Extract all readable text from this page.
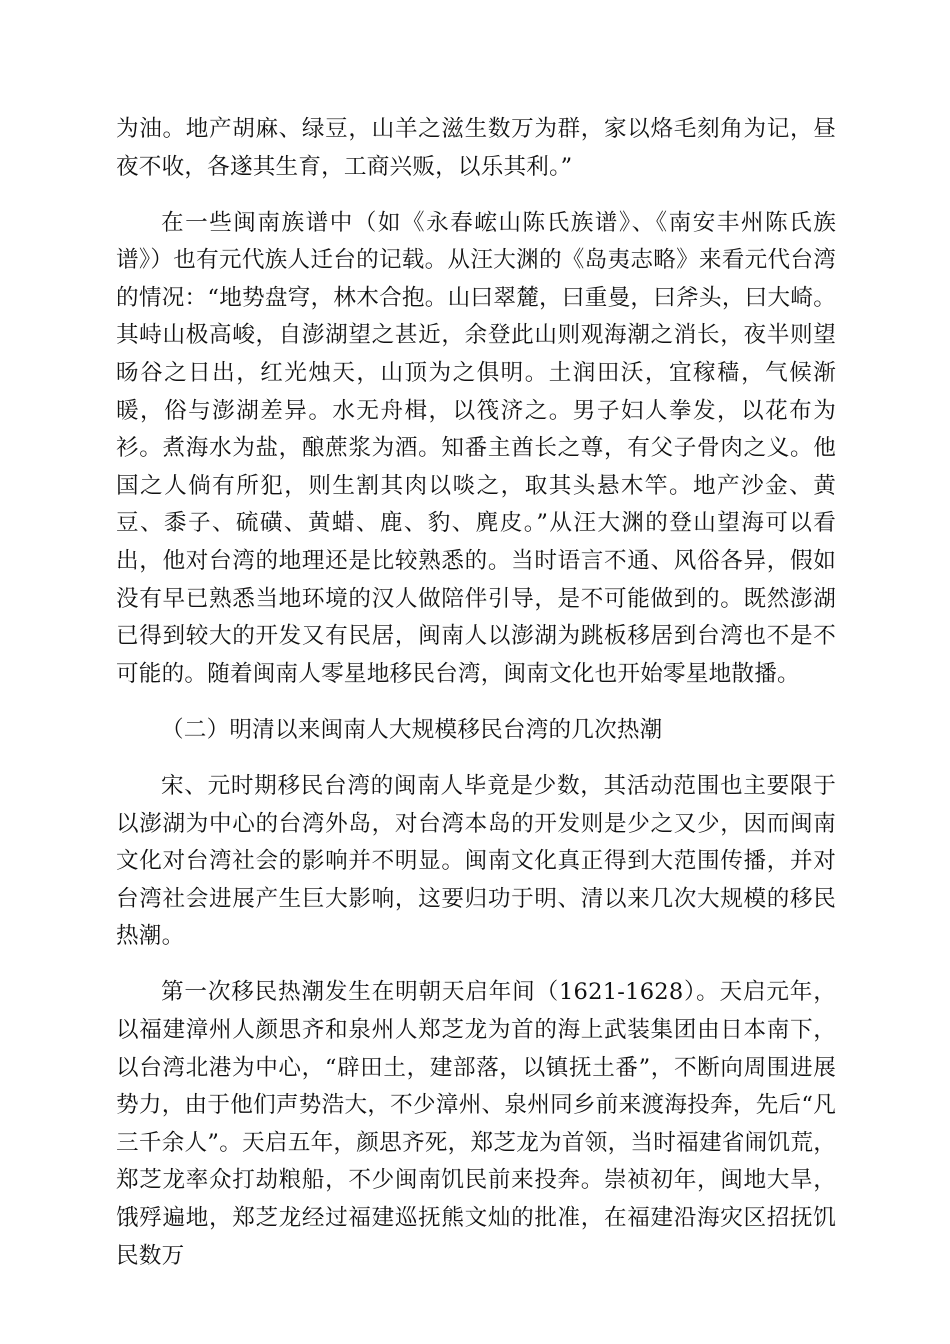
为油。地产胡麻、绿豆，山羊之滋生数万为群，家以烙毛刻角为记，昼夜不收，各遂其生育，工商兴贩，以乐其利。”

在一些闽南族谱中（如《永春峵山陈氏族谱》、《南安丰州陈氏族谱》）也有元代族人迁台的记载。从汪大渊的《岛夷志略》来看元代台湾的情况：“地势盘穹，林木合抱。山曰翠麓，曰重曼，曰斧头，曰大崎。其峙山极高峻，自澎湖望之甚近，余登此山则观海潮之消长，夜半则望旸谷之日出，红光烛天，山顶为之俱明。土润田沃，宜稼穑，气候渐暖，俗与澎湖差异。水无舟楫，以筏济之。男子妇人拳发，以花布为衫。煮海水为盐，酿蔗浆为酒。知番主酋长之尊，有父子骨肉之义。他国之人倘有所犯，则生割其肉以啖之，取其头悬木竿。地产沙金、黄豆、黍子、硫磺、黄蜡、鹿、豹、麂皮。”从汪大渊的登山望海可以看出，他对台湾的地理还是比较熟悉的。当时语言不通、风俗各异，假如没有早已熟悉当地环境的汉人做陪伴引导，是不可能做到的。既然澎湖已得到较大的开发又有民居，闽南人以澎湖为跳板移居到台湾也不是不可能的。随着闽南人零星地移民台湾，闽南文化也开始零星地散播。

（二）明清以来闽南人大规模移民台湾的几次热潮

宋、元时期移民台湾的闽南人毕竟是少数，其活动范围也主要限于以澎湖为中心的台湾外岛，对台湾本岛的开发则是少之又少，因而闽南文化对台湾社会的影响并不明显。闽南文化真正得到大范围传播，并对台湾社会进展产生巨大影响，这要归功于明、清以来几次大规模的移民热潮。

第一次移民热潮发生在明朝天启年间（1621-1628）。天启元年，以福建漳州人颜思齐和泉州人郑芝龙为首的海上武装集团由日本南下，以台湾北港为中心，“辟田土，建部落，以镇抚土番”，不断向周围进展势力，由于他们声势浩大，不少漳州、泉州同乡前来渡海投奔，先后“凡三千余人”。天启五年，颜思齐死，郑芝龙为首领，当时福建省闹饥荒，郑芝龙率众打劫粮船，不少闽南饥民前来投奔。崇祯初年，闽地大旱，饿殍遍地，郑芝龙经过福建巡抚熊文灿的批准，在福建沿海灾区招抚饥民数万
